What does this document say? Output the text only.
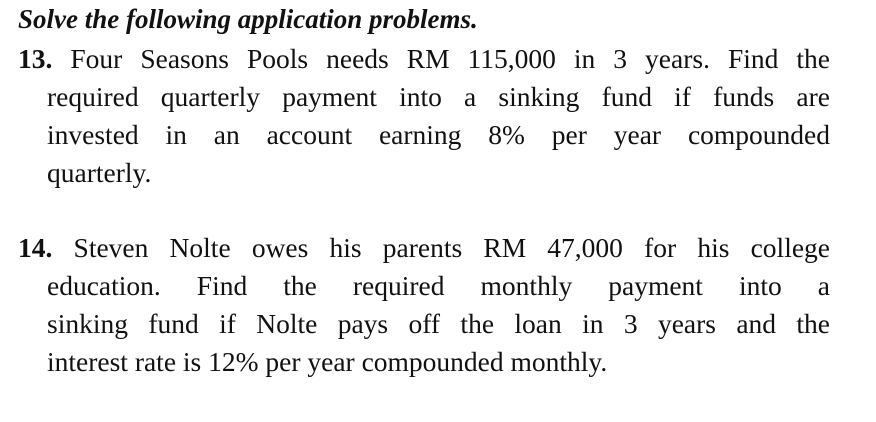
Solve the following application problems.
13. Four Seasons Pools needs RM 115,000 in 3 years. Find the
required quarterly payment into a sinking fund if funds are
invested in an account earning 8% per year compounded
quarterly.
14. Steven Nolte owes his parents RM 47,000 for his college
education. Find the required monthly payment into a
sinking fund if Nolte pays off the loan in 3 years and the
interest rate is 12% per year compounded monthly.
